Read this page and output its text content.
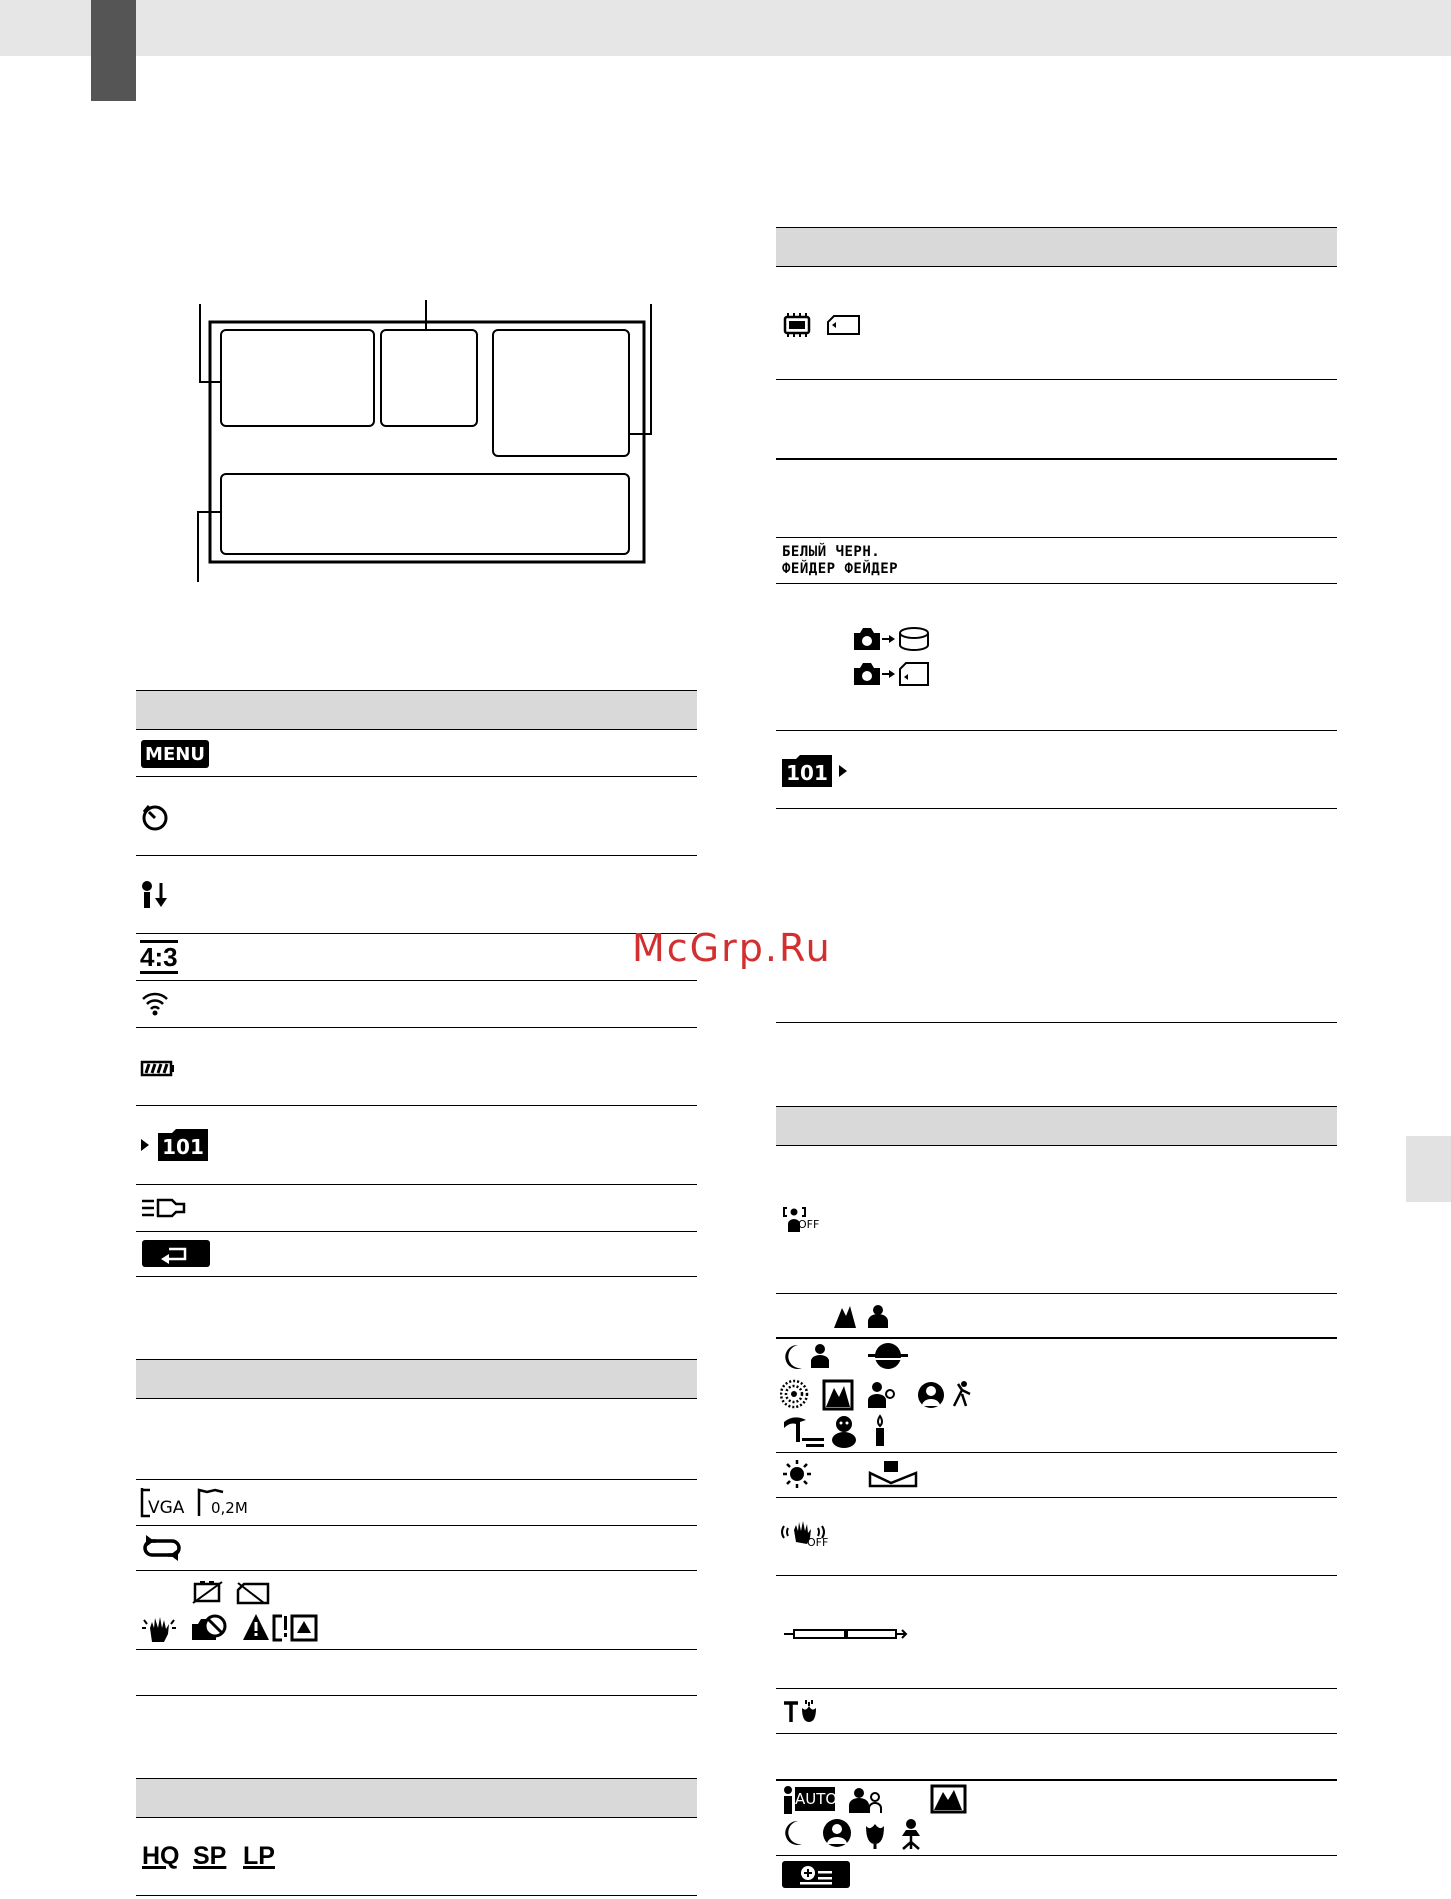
MENU
4:3
101
VGA 0,2M
HQ SP LP
БЕЛЫЙ ЧЕРН.
ФЕЙДЕР ФЕЙДЕР
101
McGrp.Ru
OFF
OFF
AUTO
